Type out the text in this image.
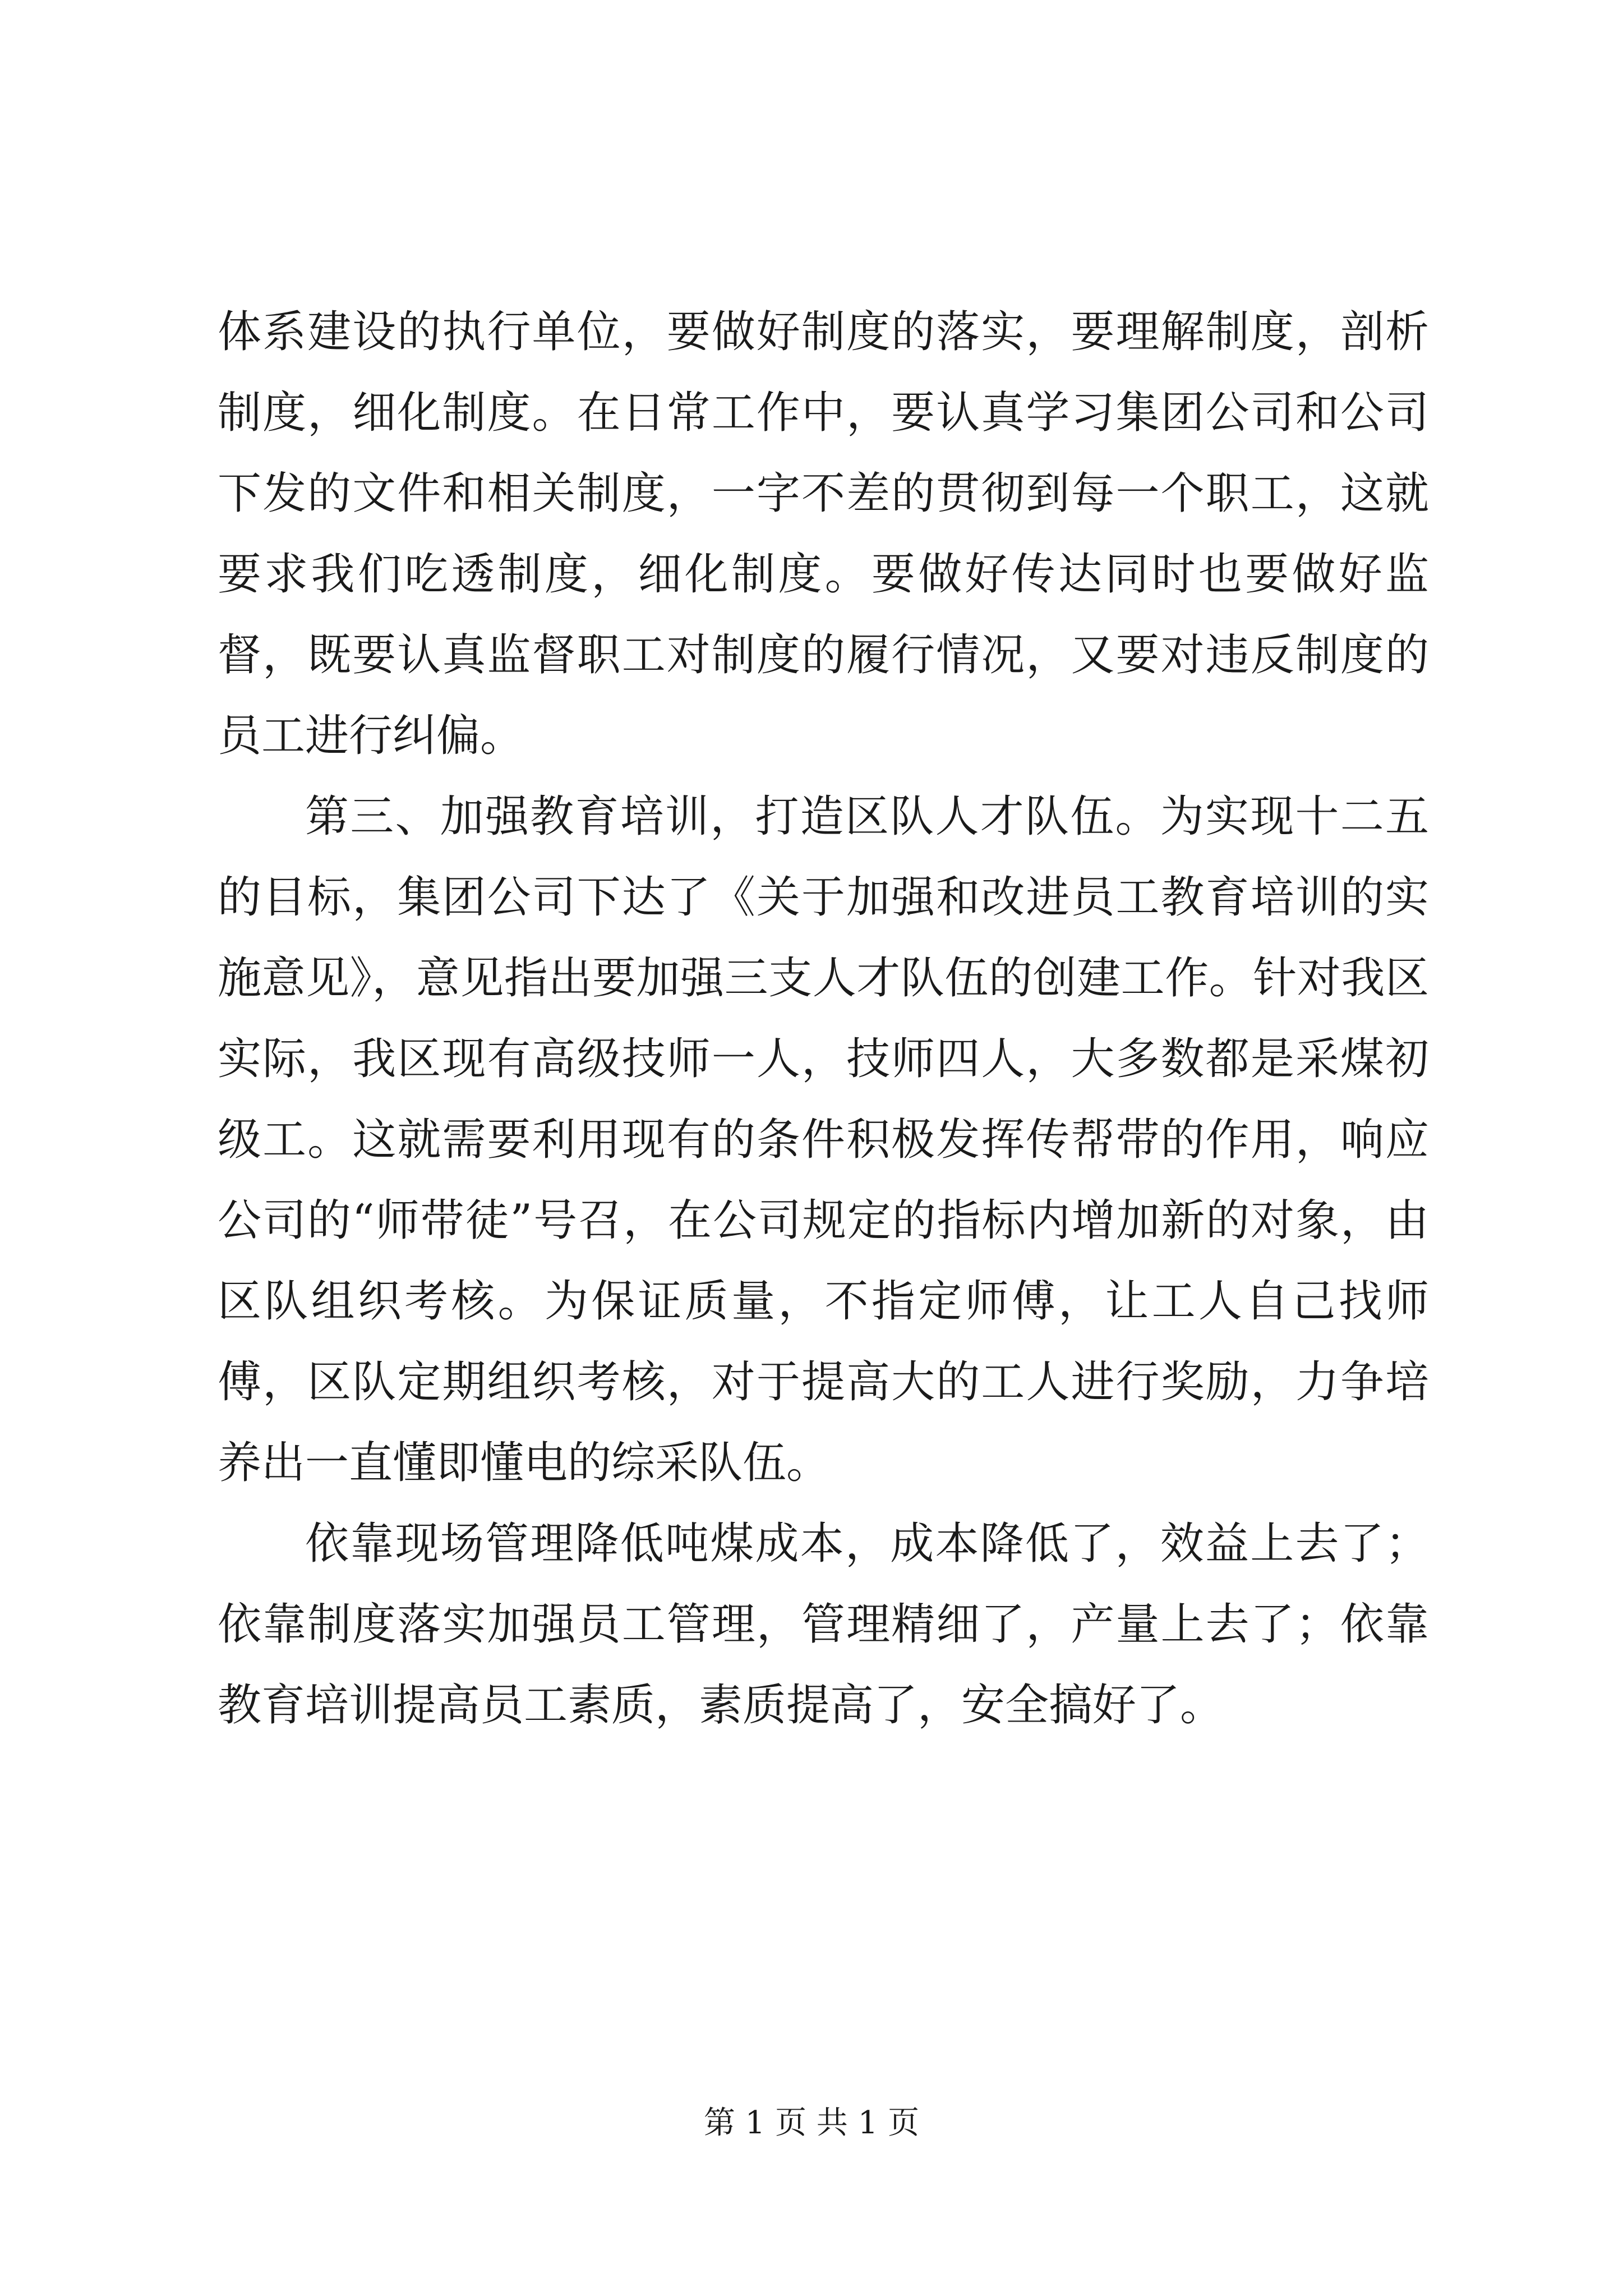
体系建设的执行单位，要做好制度的落实，要理解制度，剖析制度，细化制度。在日常工作中，要认真学习集团公司和公司下发的文件和相关制度，一字不差的贯彻到每一个职工，这就要求我们吃透制度，细化制度。要做好传达同时也要做好监督，既要认真监督职工对制度的履行情况，又要对违反制度的员工进行纠偏。

第三、加强教育培训，打造区队人才队伍。为实现十二五的目标，集团公司下达了《关于加强和改进员工教育培训的实施意见》，意见指出要加强三支人才队伍的创建工作。针对我区实际，我区现有高级技师一人，技师四人，大多数都是采煤初级工。这就需要利用现有的条件积极发挥传帮带的作用，响应公司的“师带徒”号召，在公司规定的指标内增加新的对象，由区队组织考核。为保证质量，不指定师傅，让工人自己找师傅，区队定期组织考核，对于提高大的工人进行奖励，力争培养出一直懂即懂电的综采队伍。

依靠现场管理降低吨煤成本，成本降低了，效益上去了；依靠制度落实加强员工管理，管理精细了，产量上去了；依靠教育培训提高员工素质，素质提高了，安全搞好了。

第 1 页 共 1 页
